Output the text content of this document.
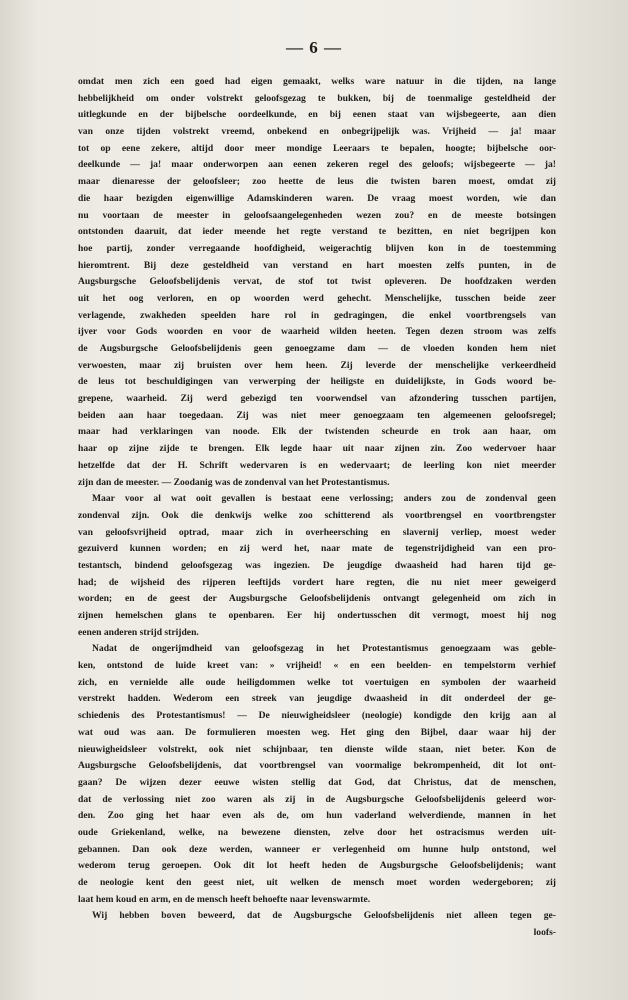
— 6 —
omdat men zich een goed had eigen gemaakt, welks ware natuur in die tijden, na lange
hebbelijkheid om onder volstrekt geloofsgezag te bukken, bij de toenmalige gesteldheid der
uitlegkunde en der bijbelsche oordeelkunde, en bij eenen staat van wijsbegeerte, aan dien
van onze tijden volstrekt vreemd, onbekend en onbegrijpelijk was. Vrijheid — ja! maar
tot op eene zekere, altijd door meer mondige Leeraars te bepalen, hoogte; bijbelsche oor-
deelkunde — ja! maar onderworpen aan eenen zekeren regel des geloofs; wijsbegeerte — ja!
maar dienaresse der geloofsleer; zoo heette de leus die twisten baren moest, omdat zij
die haar bezigden eigenwillige Adamskinderen waren. De vraag moest worden, wie dan
nu voortaan de meester in geloofsaangelegenheden wezen zou? en de meeste botsingen
ontstonden daaruit, dat ieder meende het regte verstand te bezitten, en niet begrijpen kon
hoe partij, zonder verregaande hoofdigheid, weigerachtig blijven kon in de toestemming
hieromtrent. Bij deze gesteldheid van verstand en hart moesten zelfs punten, in de
Augsburgsche Geloofsbelijdenis vervat, de stof tot twist opleveren. De hoofdzaken werden
uit het oog verloren, en op woorden werd gehecht. Menschelijke, tusschen beide zeer
verlagende, zwakheden speelden hare rol in gedragingen, die enkel voortbrengsels van
ijver voor Gods woorden en voor de waarheid wilden heeten. Tegen dezen stroom was zelfs
de Augsburgsche Geloofsbelijdenis geen genoegzame dam — de vloeden konden hem niet
verwoesten, maar zij bruisten over hem heen. Zij leverde der menschelijke verkeerdheid
de leus tot beschuldigingen van verwerping der heiligste en duidelijkste, in Gods woord be-
grepene, waarheid. Zij werd gebezigd ten voorwendsel van afzondering tusschen partijen,
beiden aan haar toegedaan. Zij was niet meer genoegzaam ten algemeenen geloofsregel;
maar had verklaringen van noode. Elk der twistenden scheurde en trok aan haar, om
haar op zijne zijde te brengen. Elk legde haar uit naar zijnen zin. Zoo wedervoer haar
hetzelfde dat der H. Schrift wedervaren is en wedervaart; de leerling kon niet meerder
zijn dan de meester. — Zoodanig was de zondenval van het Protestantismus.
Maar voor al wat ooit gevallen is bestaat eene verlossing; anders zou de zondenval geen
zondenval zijn. Ook die denkwijs welke zoo schitterend als voortbrengsel en voortbrengster
van geloofsvrijheid optrad, maar zich in overheersching en slavernij verliep, moest weder
gezuiverd kunnen worden; en zij werd het, naar mate de tegenstrijdigheid van een pro-
testantsch, bindend geloofsgezag was ingezien. De jeugdige dwaasheid had haren tijd ge-
had; de wijsheid des rijperen leeftijds vordert hare regten, die nu niet meer geweigerd
worden; en de geest der Augsburgsche Geloofsbelijdenis ontvangt gelegenheid om zich in
zijnen hemelschen glans te openbaren. Eer hij ondertusschen dit vermogt, moest hij nog
eenen anderen strijd strijden.
Nadat de ongerijmdheid van geloofsgezag in het Protestantismus genoegzaam was geble-
ken, ontstond de luide kreet van: » vrijheid! « en een beelden- en tempelstorm verhief
zich, en vernielde alle oude heiligdommen welke tot voertuigen en symbolen der waarheid
verstrekt hadden. Wederom een streek van jeugdige dwaasheid in dit onderdeel der ge-
schiedenis des Protestantismus! — De nieuwigheidsleer (neologie) kondigde den krijg aan al
wat oud was aan. De formulieren moesten weg. Het ging den Bijbel, daar waar hij der
nieuwigheidsleer volstrekt, ook niet schijnbaar, ten dienste wilde staan, niet beter. Kon de
Augsburgsche Geloofsbelijdenis, dat voortbrengsel van voormalige bekrompenheid, dit lot ont-
gaan? De wijzen dezer eeuwe wisten stellig dat God, dat Christus, dat de menschen,
dat de verlossing niet zoo waren als zij in de Augsburgsche Geloofsbelijdenis geleerd wor-
den. Zoo ging het haar even als de, om hun vaderland welverdiende, mannen in het
oude Griekenland, welke, na bewezene diensten, zelve door het ostracismus werden uit-
gebannen. Dan ook deze werden, wanneer er verlegenheid om hunne hulp ontstond, wel
wederom terug geroepen. Ook dit lot heeft heden de Augsburgsche Geloofsbelijdenis; want
de neologie kent den geest niet, uit welken de mensch moet worden wedergeboren; zij
laat hem koud en arm, en de mensch heeft behoefte naar levenswarmte.
Wij hebben boven beweerd, dat de Augsburgsche Geloofsbelijdenis niet alleen tegen ge-
loofs-
